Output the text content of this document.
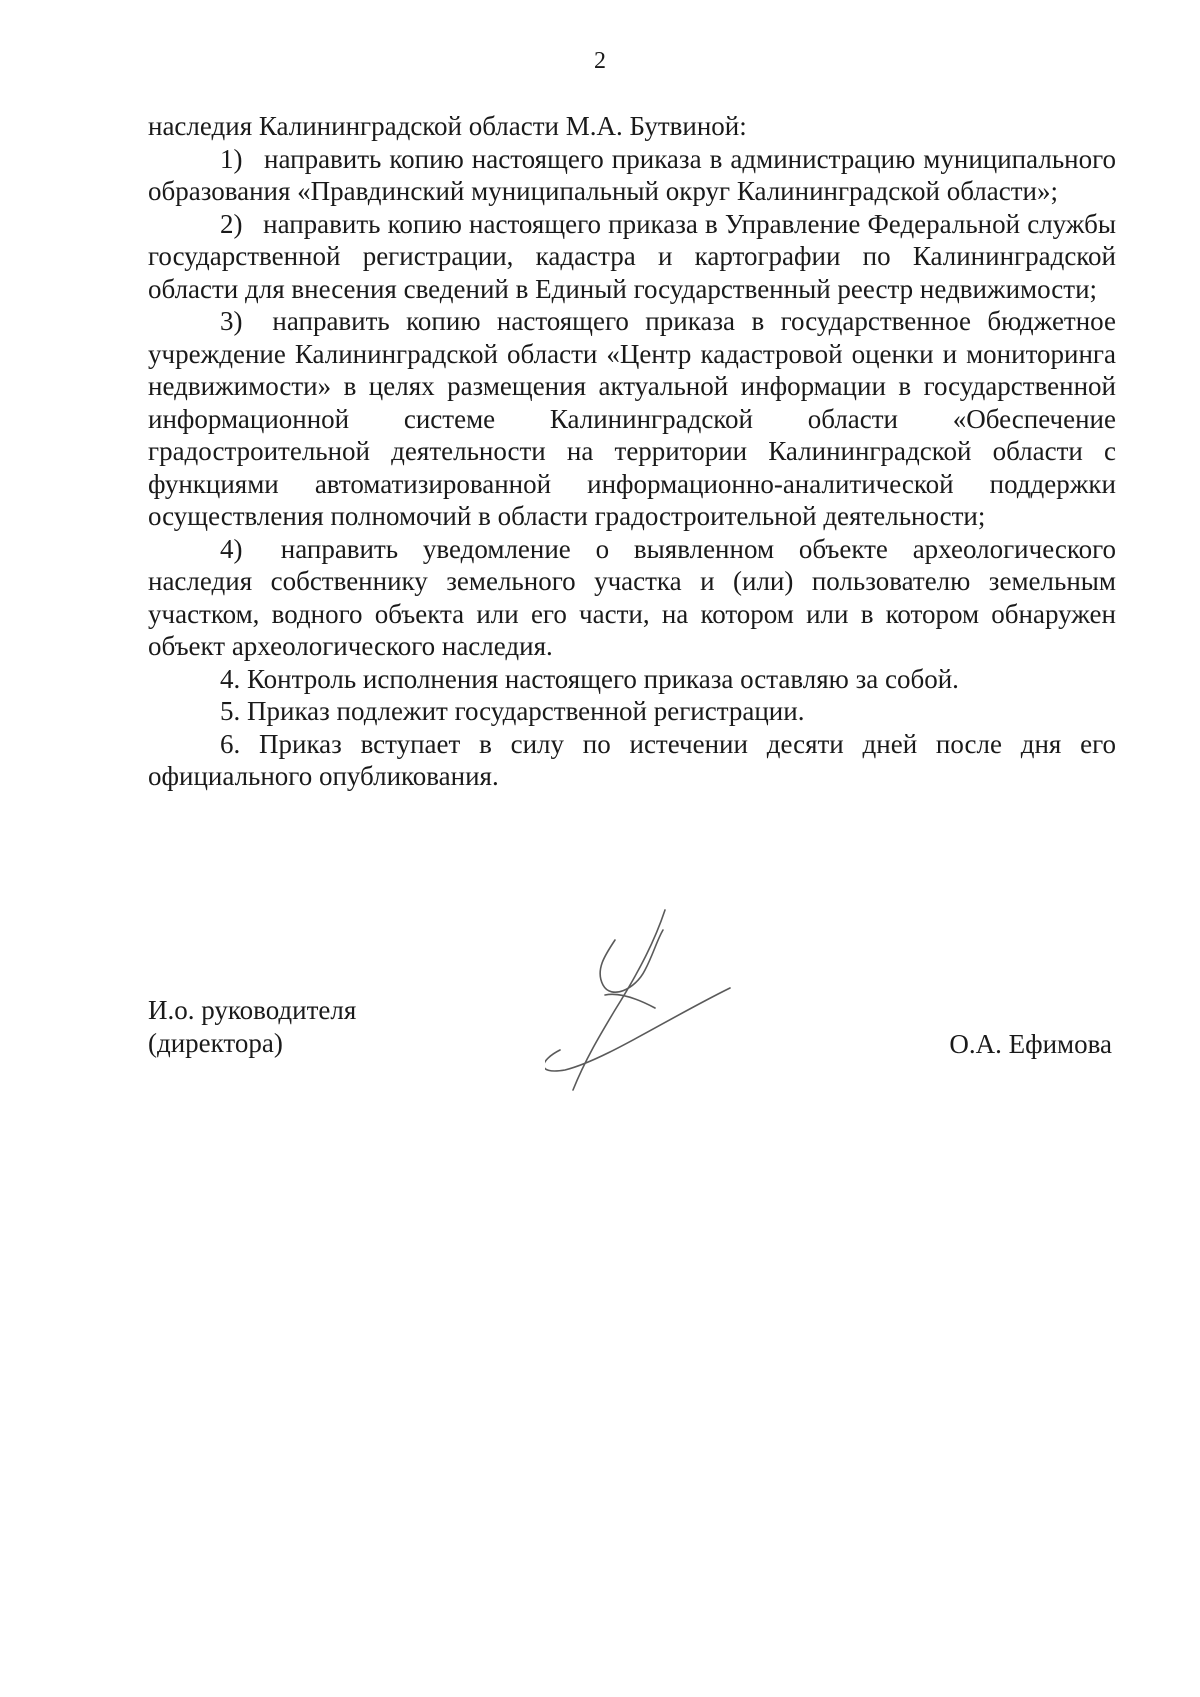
2

наследия Калининградской области М.А. Бутвиной:

1)  направить копию настоящего приказа в администрацию муниципального образования «Правдинский муниципальный округ Калининградской области»;

2)  направить копию настоящего приказа в Управление Федеральной службы государственной регистрации, кадастра и картографии по Калининградской области для внесения сведений в Единый государственный реестр недвижимости;

3)  направить копию настоящего приказа в государственное бюджетное учреждение Калининградской области «Центр кадастровой оценки и мониторинга недвижимости» в целях размещения актуальной информации в государственной информационной системе Калининградской области «Обеспечение градостроительной деятельности на территории Калининградской области с функциями автоматизированной информационно-аналитической поддержки осуществления полномочий в области градостроительной деятельности;

4)  направить уведомление о выявленном объекте археологического наследия собственнику земельного участка и (или) пользователю земельным участком, водного объекта или его части, на котором или в котором обнаружен объект археологического наследия.

4. Контроль исполнения настоящего приказа оставляю за собой.

5. Приказ подлежит государственной регистрации.

6. Приказ вступает в силу по истечении десяти дней после дня его официального опубликования.

И.о. руководителя
(директора)	О.А. Ефимова
